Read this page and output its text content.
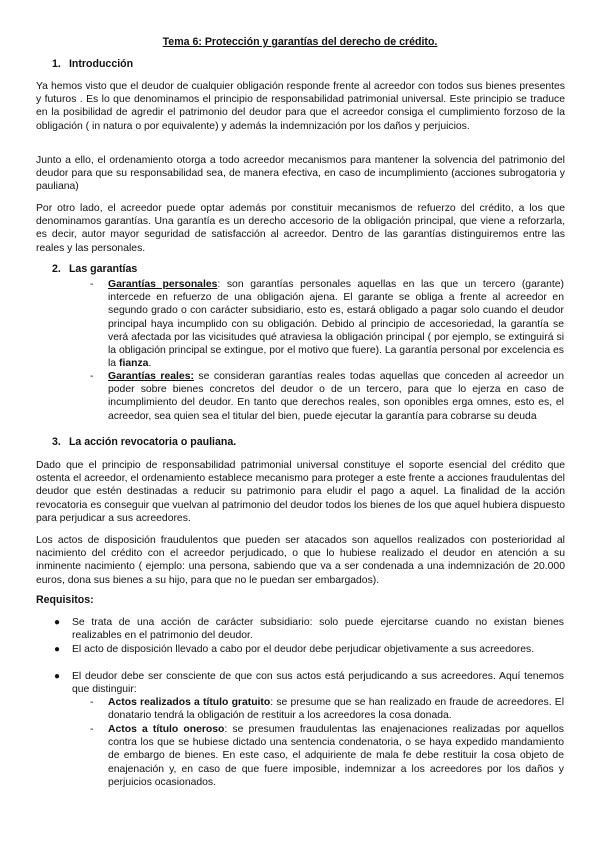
Tema 6: Protección y garantías del derecho de crédito.

1. Introducción

Ya hemos visto que el deudor de cualquier obligación responde frente al acreedor con todos sus bienes presentes y futuros . Es lo que denominamos el principio de responsabilidad patrimonial universal. Este principio se traduce en la posibilidad de agredir el patrimonio del deudor para que el acreedor consiga el cumplimiento forzoso de la obligación ( in natura o por equivalente) y además la indemnización por los daños y perjuicios.

Junto a ello, el ordenamiento otorga a todo acreedor mecanismos para mantener la solvencia del patrimonio del deudor para que su responsabilidad sea, de manera efectiva, en caso de incumplimiento (acciones subrogatoria y pauliana)

Por otro lado, el acreedor puede optar además por constituir mecanismos de refuerzo del crédito, a los que denominamos garantías. Una garantía es un derecho accesorio de la obligación principal, que viene a reforzarla, es decir, autor mayor seguridad de satisfacción al acreedor. Dentro de las garantías distinguiremos entre las reales y las personales.

2. Las garantías

- Garantías personales: son garantías personales aquellas en las que un tercero (garante) intercede en refuerzo de una obligación ajena. El garante se obliga a frente al acreedor en segundo grado o con carácter subsidiario, esto es, estará obligado a pagar solo cuando el deudor principal haya incumplido con su obligación. Debido al principio de accesoriedad, la garantía se verá afectada por las vicisitudes qué atraviesa la obligación principal ( por ejemplo, se extinguirá si la obligación principal se extingue, por el motivo que fuere). La garantía personal por excelencia es la fianza.

- Garantías reales: se consideran garantías reales todas aquellas que conceden al acreedor un poder sobre bienes concretos del deudor o de un tercero, para que lo ejerza en caso de incumplimiento del deudor. En tanto que derechos reales, son oponibles erga omnes, esto es, el acreedor, sea quien sea el titular del bien, puede ejecutar la garantía para cobrarse su deuda

3. La acción revocatoria o pauliana.

Dado que el principio de responsabilidad patrimonial universal constituye el soporte esencial del crédito que ostenta el acreedor, el ordenamiento establece mecanismo para proteger a este frente a acciones fraudulentas del deudor que estén destinadas a reducir su patrimonio para eludir el pago a aquel. La finalidad de la acción revocatoria es conseguir que vuelvan al patrimonio del deudor todos los bienes de los que aquel hubiera dispuesto para perjudicar a sus acreedores.

Los actos de disposición fraudulentos que pueden ser atacados son aquellos realizados con posterioridad al nacimiento del crédito con el acreedor perjudicado, o que lo hubiese realizado el deudor en atención a su inminente nacimiento ( ejemplo: una persona, sabiendo que va a ser condenada a una indemnización de 20.000 euros, dona sus bienes a su hijo, para que no le puedan ser embargados).

Requisitos:

● Se trata de una acción de carácter subsidiario: solo puede ejercitarse cuando no existan bienes realizables en el patrimonio del deudor.

● El acto de disposición llevado a cabo por el deudor debe perjudicar objetivamente a sus acreedores.

● El deudor debe ser consciente de que con sus actos está perjudicando a sus acreedores. Aquí tenemos que distinguir:

- Actos realizados a título gratuito: se presume que se han realizado en fraude de acreedores. El donatario tendrá la obligación de restituir a los acreedores la cosa donada.

- Actos a título oneroso: se presumen fraudulentas las enajenaciones realizadas por aquellos contra los que se hubiese dictado una sentencia condenatoria, o se haya expedido mandamiento de embargo de bienes. En este caso, el adquiriente de mala fe debe restituir la cosa objeto de enajenación y, en caso de que fuere imposible, indemnizar a los acreedores por los daños y perjuicios ocasionados.
